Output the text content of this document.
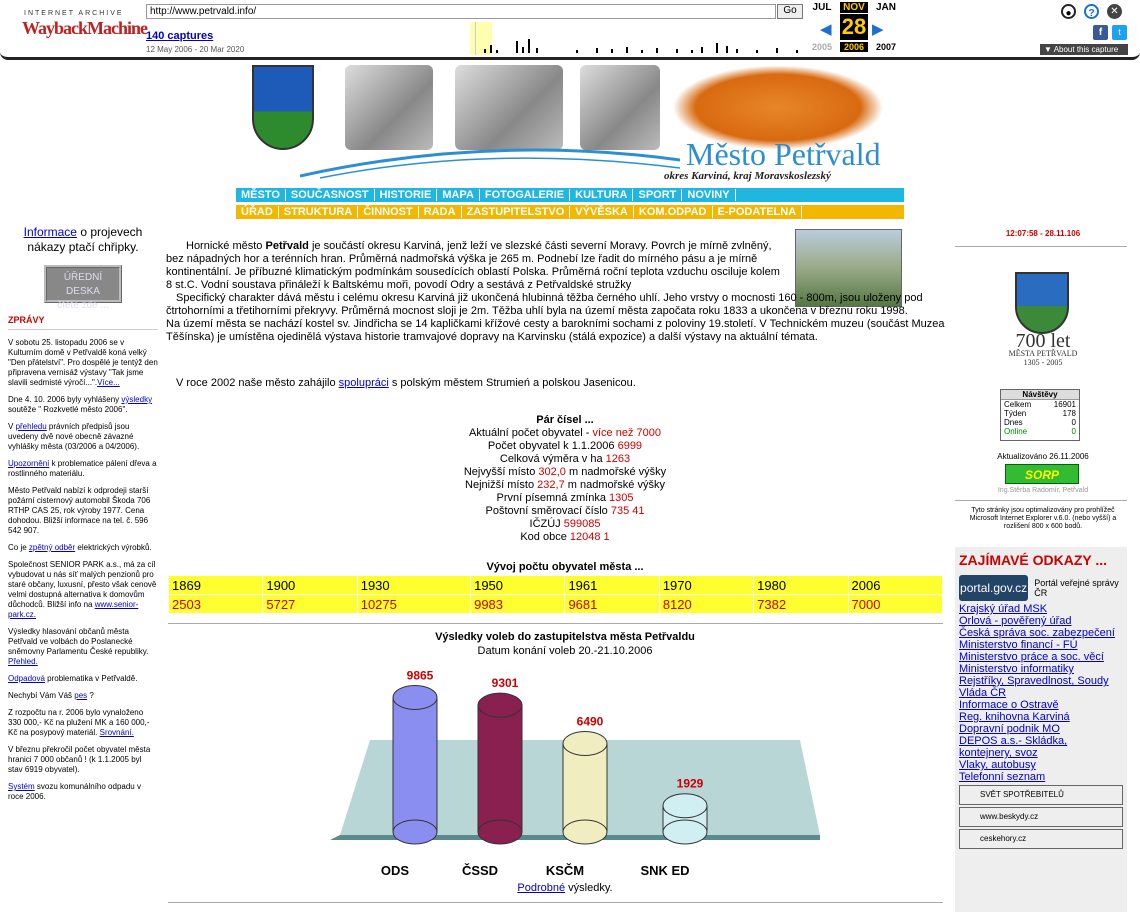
INTERNET ARCHIVE
WaybackMachine
http://www.petrvald.info/	Go
140 captures
12 May 2006 - 20 Mar 2020
JUL	NOV	JAN
◀ 28 ▶
2005	2006	2007
●	?	✕
f	t
▼ About this capture
Město Petřvald
okres Karviná, kraj Moravskoslezský
MĚSTO SOUČASNOST HISTORIE MAPA FOTOGALERIE KULTURA SPORT NOVINY
ÚŘAD STRUKTURA ČINNOST RADA ZASTUPITELSTVO VÝVĚSKA KOM.ODPAD E-PODATELNA
Informace o projevech nákazy ptačí chřipky.
ÚŘEDNÍ DESKA
čtěte zde ...
ZPRÁVY

V sobotu 25. listopadu 2006 se v Kulturním domě v Petřvaldě koná velký "Den přátelství". Pro dospělé je tentýž den připravena vernisáž výstavy "Tak jsme slavili sedmisté výročí...".Více...

Dne 4. 10. 2006 byly vyhlášeny výsledky soutěže " Rozkvetlé město 2006".

V přehledu právních předpisů jsou uvedeny dvě nové obecně závazné vyhlášky města (03/2006 a 04/2006).

Upozornění k problematice pálení dřeva a rostlinného materiálu.

Město Petřvald nabízí k odprodeji starší požární cisternový automobil Škoda 706 RTHP CAS 25, rok výroby 1977. Cena dohodou. Bližší informace na tel. č. 596 542 907.

Co je zpětný odběr elektrických výrobků.

Společnost SENIOR PARK a.s., má za cíl vybudovat u nás síť malých penzionů pro staré občany, luxusní, přesto však cenově velmi dostupná alternativa k domovům důchodců. Bližší info na www.senior-park.cz.

Výsledky hlasování občanů města Petřvald ve volbách do Poslanecké sněmovny Parlamentu České republiky. Přehled.

Odpadová problematika v Petřvaldě.

Nechybí Vám Váš pes ?

Z rozpočtu na r. 2006 bylo vynaloženo 330 000,- Kč na plužení MK a 160 000,- Kč na posypový materiál. Srovnání.

V březnu překročil počet obyvatel města hranici 7 000 občanů ! (k 1.1.2005 byl stav 6919 obyvatel).

Systém svozu komunálního odpadu v roce 2006.

Hornické město Petřvald je součástí okresu Karviná, jenž leží ve slezské části severní Moravy. Povrch je mírně zvlněný, bez nápadných hor a terénních hran. Průměrná nadmořská výška je 265 m. Podnebí lze řadit do mírného pásu a je mírně kontinentální. Je příbuzné klimatickým podmínkám sousedících oblastí Polska. Průměrná roční teplota vzduchu osciluje kolem 8 st.C. Vodní soustava přináleží k Baltskému moři, povodí Odry a sestává z Petřvaldské stružky
Specifický charakter dává městu i celému okresu Karviná již ukončená hlubinná těžba černého uhlí. Jeho vrstvy o mocnosti 160 - 800m, jsou uloženy pod čtrtohorními a třetihorními překryvy. Průměrná mocnost sloji je 2m. Těžba uhlí byla na území města započata roku 1833 a ukončena v březnu roku 1998.
Na území města se nachází kostel sv. Jindřicha se 14 kapličkami křížové cesty a barokními sochami z poloviny 19.století. V Technickém muzeu (součást Muzea Těšínska) je umístěna ojedinělá výstava historie tramvajové dopravy na Karvinsku (stálá expozice) a další výstavy na aktuální témata.
V roce 2002 naše město zahájilo spolupráci s polským městem Strumień a polskou Jasenicou.
Pár čísel ...
Aktuální počet obyvatel - více než 7000
Počet obyvatel k 1.1.2006 6999
Celková výměra v ha 1263
Nejvyšší místo 302,0 m nadmořské výšky
Nejnižší místo 232,7 m nadmořské výšky
První písemná zmínka 1305
Poštovní směrovací číslo 735 41
IČZÚJ 599085
Kod obce 12048 1
Vývoj počtu obyvatel města ...
1869	1900	1930	1950	1961	1970	1980	2006
2503	5727	10275	9983	9681	8120	7382	7000
Výsledky voleb do zastupitelstva města Petřvaldu
Datum konání voleb 20.-21.10.2006
9865
ODS
9301
ČSSD
6490
KSČM
1929
SNK ED
Podrobné výsledky.
12:07:58 - 28.11.106
700 let
MĚSTA PETŘVALD
1305 - 2005
Návštěvy
Celkem	16901
Týden	178
Dnes	0
Online	0
Aktualizováno 26.11.2006
SORP
Ing.Stěrba Radomír, Petřvald
Tyto stránky jsou optimalizovány pro prohlížeč Microsoft Internet Explorer v.6.0. (nebo vyšší) a rozlišení 800 x 600 bodů.
ZAJÍMAVÉ ODKAZY ...
portal.gov.cz Portál veřejné správy ČR
Krajský úřad MSK
Orlová - pověřený úřad
Česká správa soc. zabezpečení
Ministerstvo financí - FÚ
Ministerstvo práce a soc. věcí
Ministerstvo informatiky
Rejstříky, Spravedlnost, Soudy
Vláda ČR
Informace o Ostravě
Reg. knihovna Karviná
Dopravní podnik MO
DEPOS a.s.- Skládka, kontejnery, svoz
Vlaky, autobusy
Telefonní seznam
SVĚT SPOTŘEBITELŮ
www.beskydy.cz
ceskehory.cz
